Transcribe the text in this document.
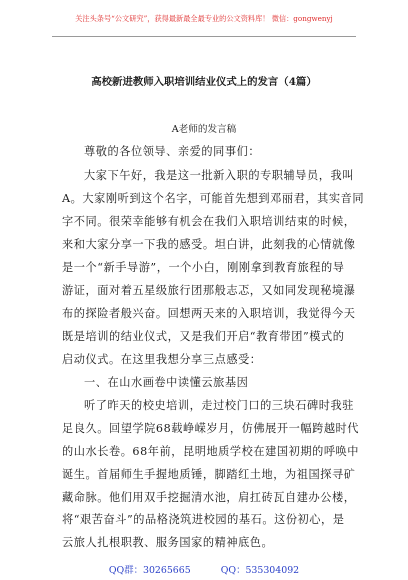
关注头条号“公文研究”，获得最新最全最专业的公文资料库！ 微信：gongwenyj
高校新进教师入职培训结业仪式上的发言（4篇）
A老师的发言稿
尊敬的各位领导、亲爱的同事们：
大家下午好，我是这一批新入职的专职辅导员，我叫
A。大家刚听到这个名字，可能首先想到邓丽君，其实音同
字不同。很荣幸能够有机会在我们入职培训结束的时候，
来和大家分享一下我的感受。坦白讲，此刻我的心情就像
是一个“新手导游”，一个小白，刚刚拿到教育旅程的导
游证，面对着五星级旅行团那般志忑，又如同发现秘境瀑
布的探险者般兴奋。回想两天来的入职培训，我觉得今天
既是培训的结业仪式，又是我们开启“教育带团”模式的
启动仪式。在这里我想分享三点感受：
一、在山水画卷中读懂云旅基因
听了昨天的校史培训，走过校门口的三块石碑时我驻
足良久。回望学院68载峥嵘岁月，仿佛展开一幅跨越时代
的山水长卷。68年前，昆明地质学校在建国初期的呼唤中
诞生。首届师生手握地质锤，脚踏红土地，为祖国探寻矿
藏命脉。他们用双手挖掘清水池，肩扛砖瓦自建办公楼，
将“艰苦奋斗”的品格浇筑进校园的基石。这份初心，是
云旅人扎根职教、服务国家的精神底色。
QQ群：30265665	QQ：535304092
